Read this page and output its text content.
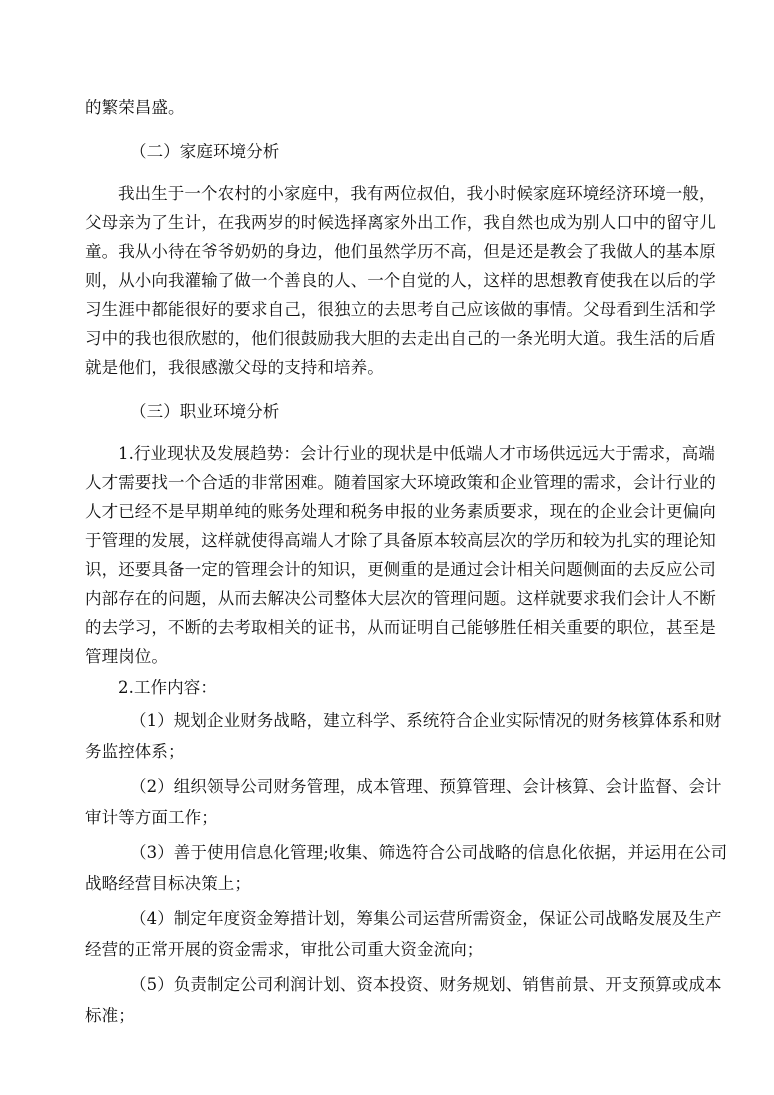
的繁荣昌盛。
（二）家庭环境分析
我出生于一个农村的小家庭中，我有两位叔伯，我小时候家庭环境经济环境一般，
父母亲为了生计，在我两岁的时候选择离家外出工作，我自然也成为别人口中的留守儿
童。我从小待在爷爷奶奶的身边，他们虽然学历不高，但是还是教会了我做人的基本原
则，从小向我灌输了做一个善良的人、一个自觉的人，这样的思想教育使我在以后的学
习生涯中都能很好的要求自己，很独立的去思考自己应该做的事情。父母看到生活和学
习中的我也很欣慰的，他们很鼓励我大胆的去走出自己的一条光明大道。我生活的后盾
就是他们，我很感激父母的支持和培养。
（三）职业环境分析
1.行业现状及发展趋势：会计行业的现状是中低端人才市场供远远大于需求，高端
人才需要找一个合适的非常困难。随着国家大环境政策和企业管理的需求，会计行业的
人才已经不是早期单纯的账务处理和税务申报的业务素质要求，现在的企业会计更偏向
于管理的发展，这样就使得高端人才除了具备原本较高层次的学历和较为扎实的理论知
识，还要具备一定的管理会计的知识，更侧重的是通过会计相关问题侧面的去反应公司
内部存在的问题，从而去解决公司整体大层次的管理问题。这样就要求我们会计人不断
的去学习，不断的去考取相关的证书，从而证明自己能够胜任相关重要的职位，甚至是
管理岗位。
2.工作内容：
（1）规划企业财务战略，建立科学、系统符合企业实际情况的财务核算体系和财
务监控体系；
（2）组织领导公司财务管理，成本管理、预算管理、会计核算、会计监督、会计
审计等方面工作；
（3）善于使用信息化管理;收集、筛选符合公司战略的信息化依据，并运用在公司
战略经营目标决策上；
（4）制定年度资金筹措计划，筹集公司运营所需资金，保证公司战略发展及生产
经营的正常开展的资金需求，审批公司重大资金流向；
（5）负责制定公司利润计划、资本投资、财务规划、销售前景、开支预算或成本
标准；
